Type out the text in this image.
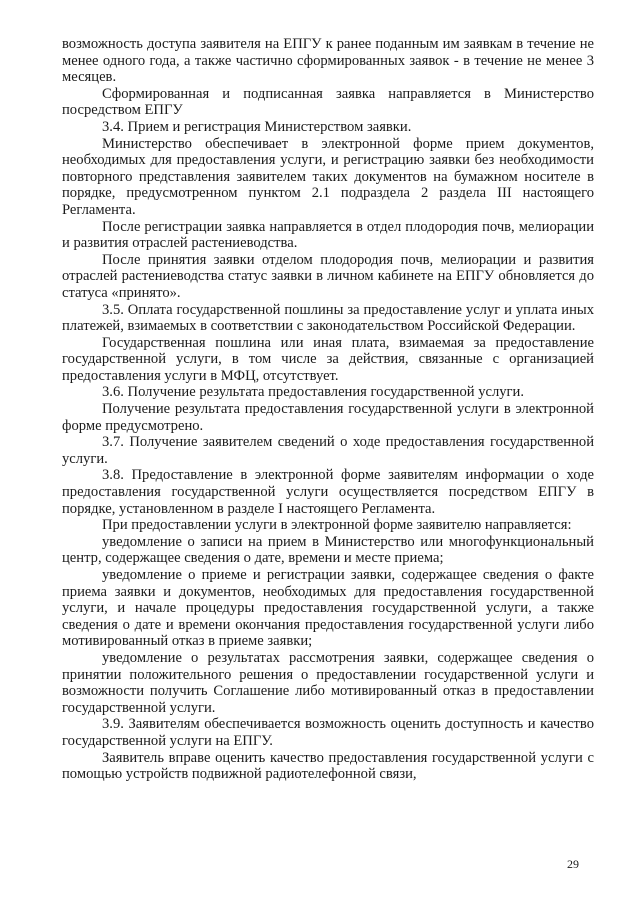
возможность доступа заявителя на ЕПГУ к ранее поданным им заявкам в течение не менее одного года, а также частично сформированных заявок - в течение не менее 3 месяцев.

Сформированная и подписанная заявка направляется в Министерство посредством ЕПГУ

3.4. Прием и регистрация Министерством заявки.

Министерство обеспечивает в электронной форме прием документов, необходимых для предоставления услуги, и регистрацию заявки без необходимости повторного представления заявителем таких документов на бумажном носителе в порядке, предусмотренном пунктом 2.1 подраздела 2 раздела III настоящего Регламента.

После регистрации заявка направляется в отдел плодородия почв, мелиорации и развития отраслей растениеводства.

После принятия заявки отделом плодородия почв, мелиорации и развития отраслей растениеводства статус заявки в личном кабинете на ЕПГУ обновляется до статуса «принято».

3.5. Оплата государственной пошлины за предоставление услуг и уплата иных платежей, взимаемых в соответствии с законодательством Российской Федерации.

Государственная пошлина или иная плата, взимаемая за предоставление государственной услуги, в том числе за действия, связанные с организацией предоставления услуги в МФЦ, отсутствует.

3.6. Получение результата предоставления государственной услуги.

Получение результата предоставления государственной услуги в электронной форме предусмотрено.

3.7. Получение заявителем сведений о ходе предоставления государственной услуги.

3.8. Предоставление в электронной форме заявителям информации о ходе предоставления государственной услуги осуществляется посредством ЕПГУ в порядке, установленном в разделе I настоящего Регламента.

При предоставлении услуги в электронной форме заявителю направляется:

уведомление о записи на прием в Министерство или многофункциональный центр, содержащее сведения о дате, времени и месте приема;

уведомление о приеме и регистрации заявки, содержащее сведения о факте приема заявки и документов, необходимых для предоставления государственной услуги, и начале процедуры предоставления государственной услуги, а также сведения о дате и времени окончания предоставления государственной услуги либо мотивированный отказ в приеме заявки;

уведомление о результатах рассмотрения заявки, содержащее сведения о принятии положительного решения о предоставлении государственной услуги и возможности получить Соглашение либо мотивированный отказ в предоставлении государственной услуги.

3.9. Заявителям обеспечивается возможность оценить доступность и качество государственной услуги на ЕПГУ.

Заявитель вправе оценить качество предоставления государственной услуги с помощью устройств подвижной радиотелефонной связи,

29
